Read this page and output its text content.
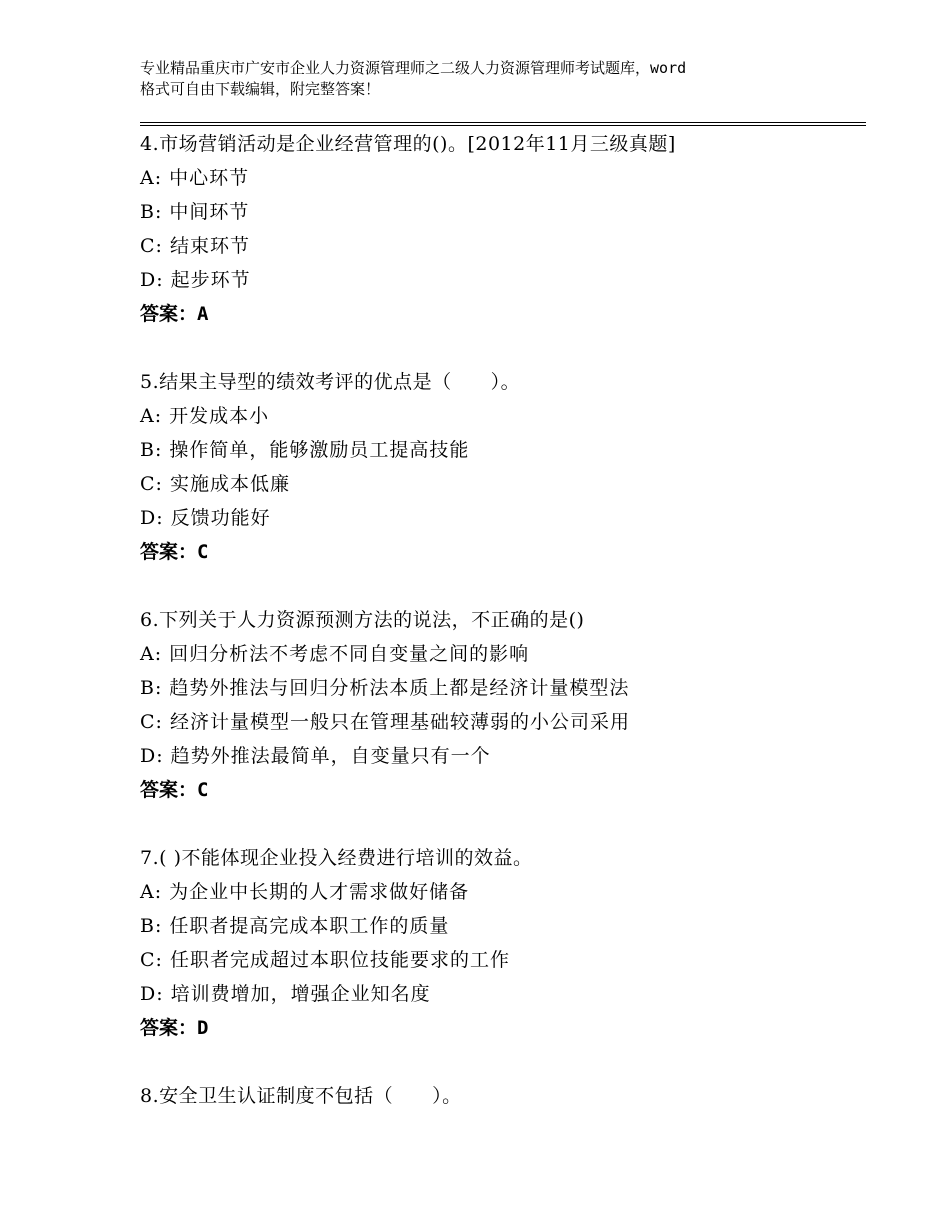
专业精品重庆市广安市企业人力资源管理师之二级人力资源管理师考试题库，word
格式可自由下载编辑，附完整答案！
4.市场营销活动是企业经营管理的()。[2012年11月三级真题]
A: 中心环节
B: 中间环节
C: 结束环节
D: 起步环节
答案：A
5.结果主导型的绩效考评的优点是（　　）。
A: 开发成本小
B: 操作简单，能够激励员工提高技能
C: 实施成本低廉
D: 反馈功能好
答案：C
6.下列关于人力资源预测方法的说法，不正确的是()
A: 回归分析法不考虑不同自变量之间的影响
B: 趋势外推法与回归分析法本质上都是经济计量模型法
C: 经济计量模型一般只在管理基础较薄弱的小公司采用
D: 趋势外推法最简单，自变量只有一个
答案：C
7.( )不能体现企业投入经费进行培训的效益。
A: 为企业中长期的人才需求做好储备
B: 任职者提高完成本职工作的质量
C: 任职者完成超过本职位技能要求的工作
D: 培训费增加，增强企业知名度
答案：D
8.安全卫生认证制度不包括（　　）。
